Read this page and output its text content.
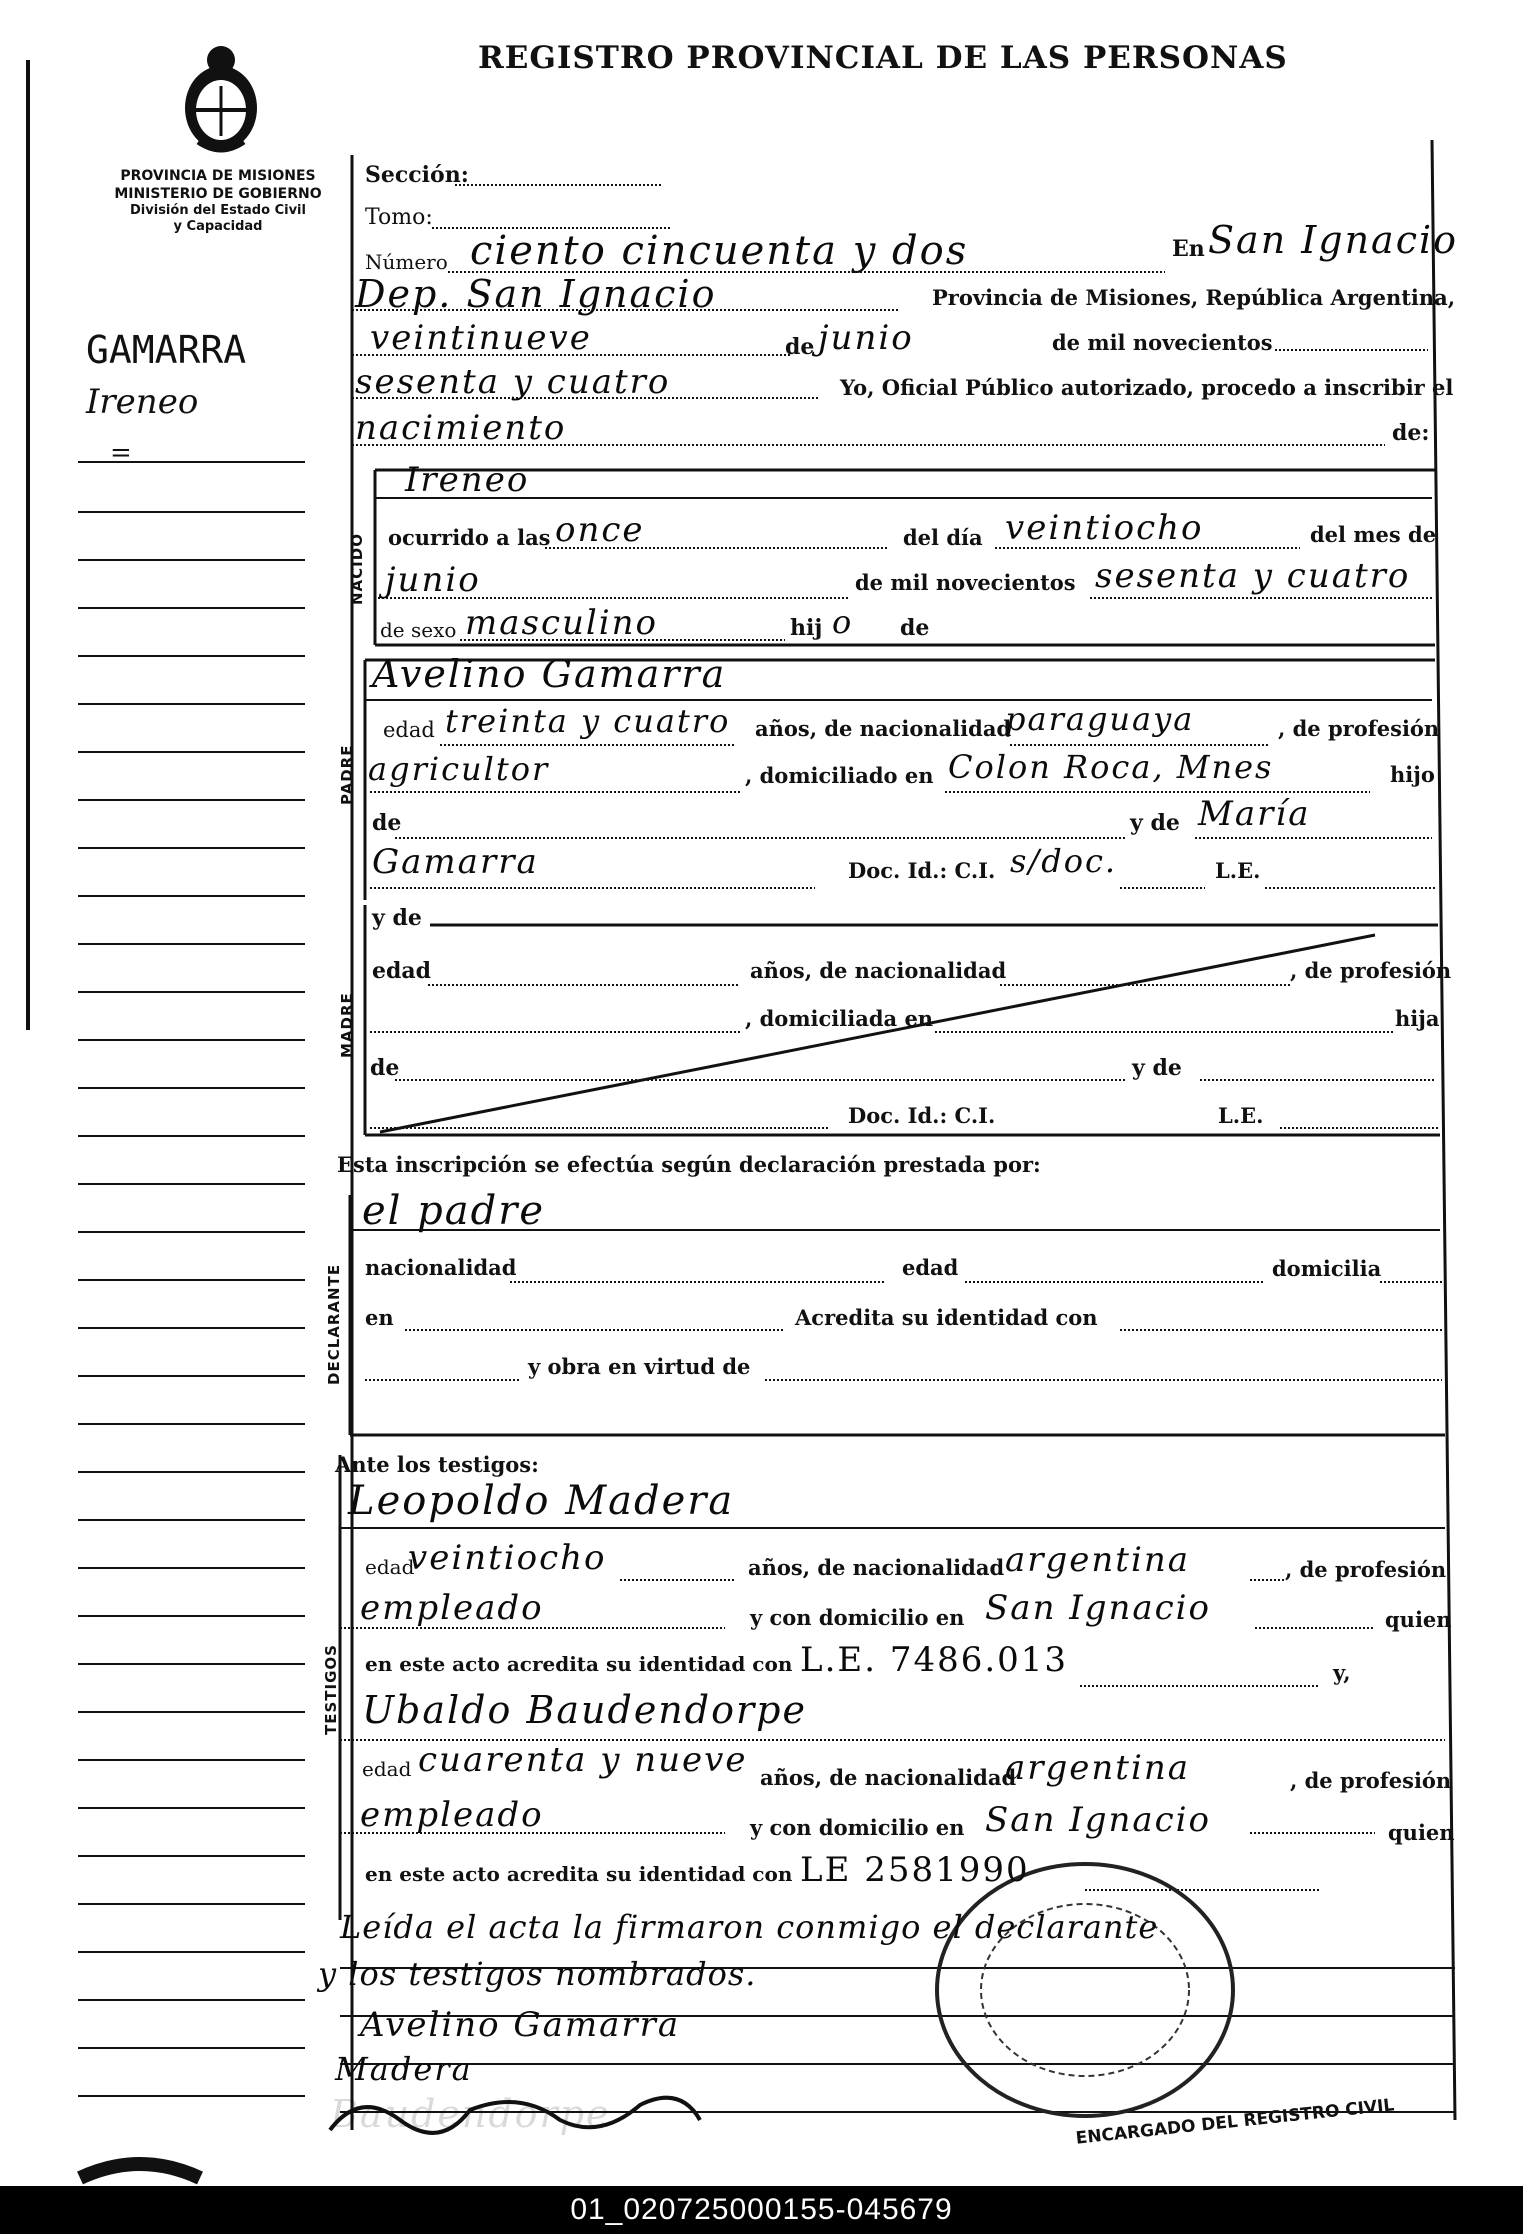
REGISTRO PROVINCIAL DE LAS PERSONAS
PROVINCIA DE MISIONES
MINISTERIO DE GOBIERNO
División del Estado Civil
y Capacidad
GAMARRA
Ireneo
=
Sección:
Tomo:
Número ciento cincuenta y dos	En San Ignacio
Dep. San Ignacio	Provincia de Misiones, República Argentina,
veintinueve	de junio	de mil novecientos
sesenta y cuatro	Yo, Oficial Público autorizado, procedo a inscribir el
nacimiento	de:
NACIDO
Ireneo
ocurrido a las once	del día veintiocho	del mes de
junio	de mil novecientos sesenta y cuatro
de sexo masculino	hij o de
PADRE
Avelino Gamarra
edad treinta y cuatro años, de nacionalidad
paraguaya	, de profesión
agricultor	, domiciliado en Colon Roca, Mnes	hijo
de	y de María
Gamarra	Doc. Id.: C.I. s/doc.	L.E.
MADRE
y de
edad	años, de nacionalidad	, de profesión
, domiciliada en	hija
de	y de
Doc. Id.: C.I.	L.E.
Esta inscripción se efectúa según declaración prestada por:
DECLARANTE
el padre
nacionalidad	edad	domicilia
en	Acredita su identidad con
y obra en virtud de
Ante los testigos:
TESTIGOS
Leopoldo Madera
edad
veintiocho	años, de nacionalidad argentina	, de profesión
empleado	y con domicilio en San Ignacio	quien
en este acto acredita su identidad con L.E. 7486.013	y,
Ubaldo Baudendorpe
edad cuarenta y nueve años, de nacionalidad
argentina	, de profesión
empleado	y con domicilio en San Ignacio	quien
en este acto acredita su identidad con LE 2581990
Leída el acta la firmaron conmigo el declarante
y los testigos nombrados.
Avelino Gamarra
Madera
Baudendorpe	ENCARGADO DEL REGISTRO CIVIL
01_020725000155-045679
